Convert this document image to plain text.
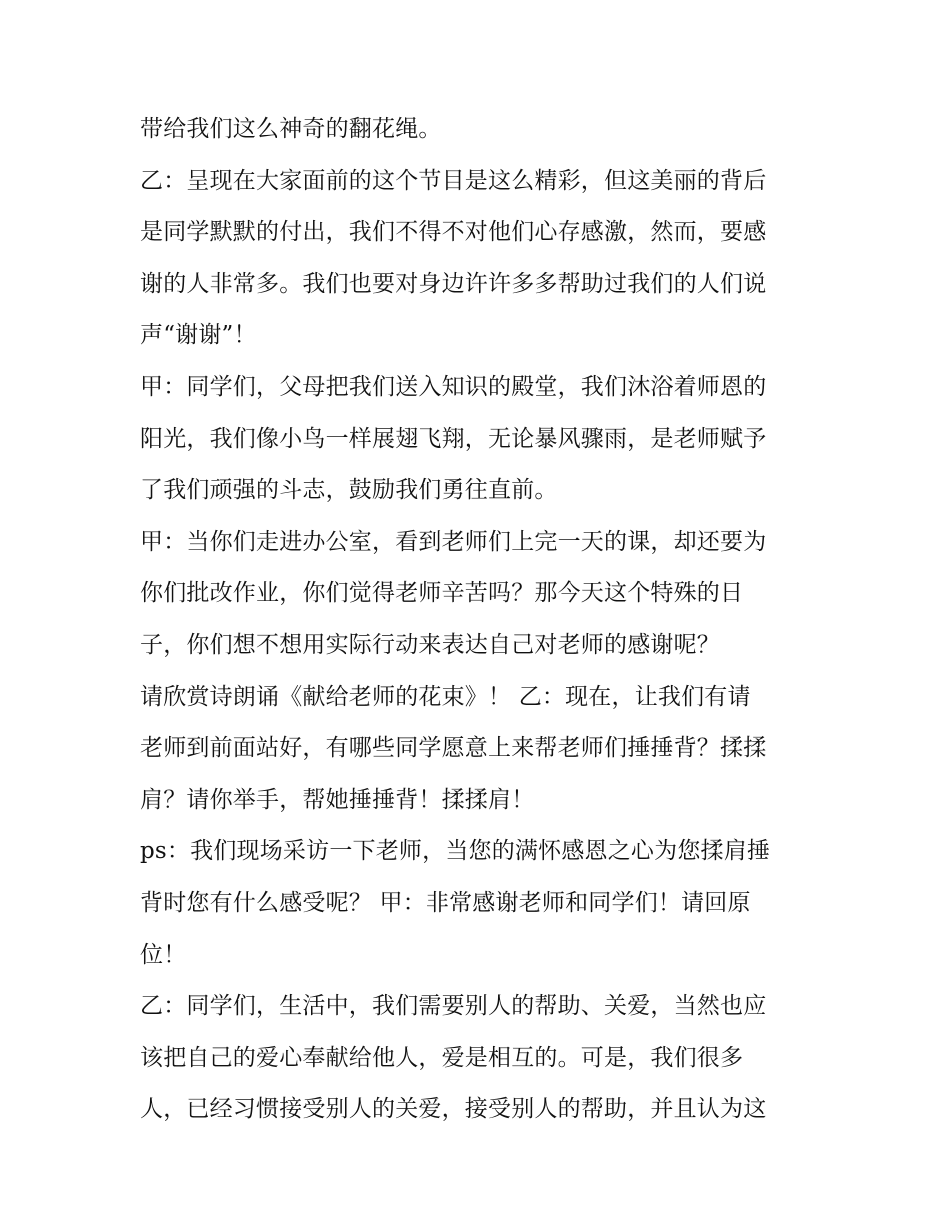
带给我们这么神奇的翻花绳。
乙：呈现在大家面前的这个节目是这么精彩，但这美丽的背后
是同学默默的付出，我们不得不对他们心存感激，然而，要感
谢的人非常多。我们也要对身边许许多多帮助过我们的人们说
声“谢谢”！
甲：同学们，父母把我们送入知识的殿堂，我们沐浴着师恩的
阳光，我们像小鸟一样展翅飞翔，无论暴风骤雨，是老师赋予
了我们顽强的斗志，鼓励我们勇往直前。
甲：当你们走进办公室，看到老师们上完一天的课，却还要为
你们批改作业，你们觉得老师辛苦吗？那今天这个特殊的日
子，你们想不想用实际行动来表达自己对老师的感谢呢？
请欣赏诗朗诵《献给老师的花束》！ 乙：现在，让我们有请
老师到前面站好，有哪些同学愿意上来帮老师们捶捶背？揉揉
肩？请你举手，帮她捶捶背！揉揉肩！
ps：我们现场采访一下老师，当您的满怀感恩之心为您揉肩捶
背时您有什么感受呢？ 甲：非常感谢老师和同学们！请回原
位！
乙：同学们，生活中，我们需要别人的帮助、关爱，当然也应
该把自己的爱心奉献给他人，爱是相互的。可是，我们很多
人，已经习惯接受别人的关爱，接受别人的帮助，并且认为这
